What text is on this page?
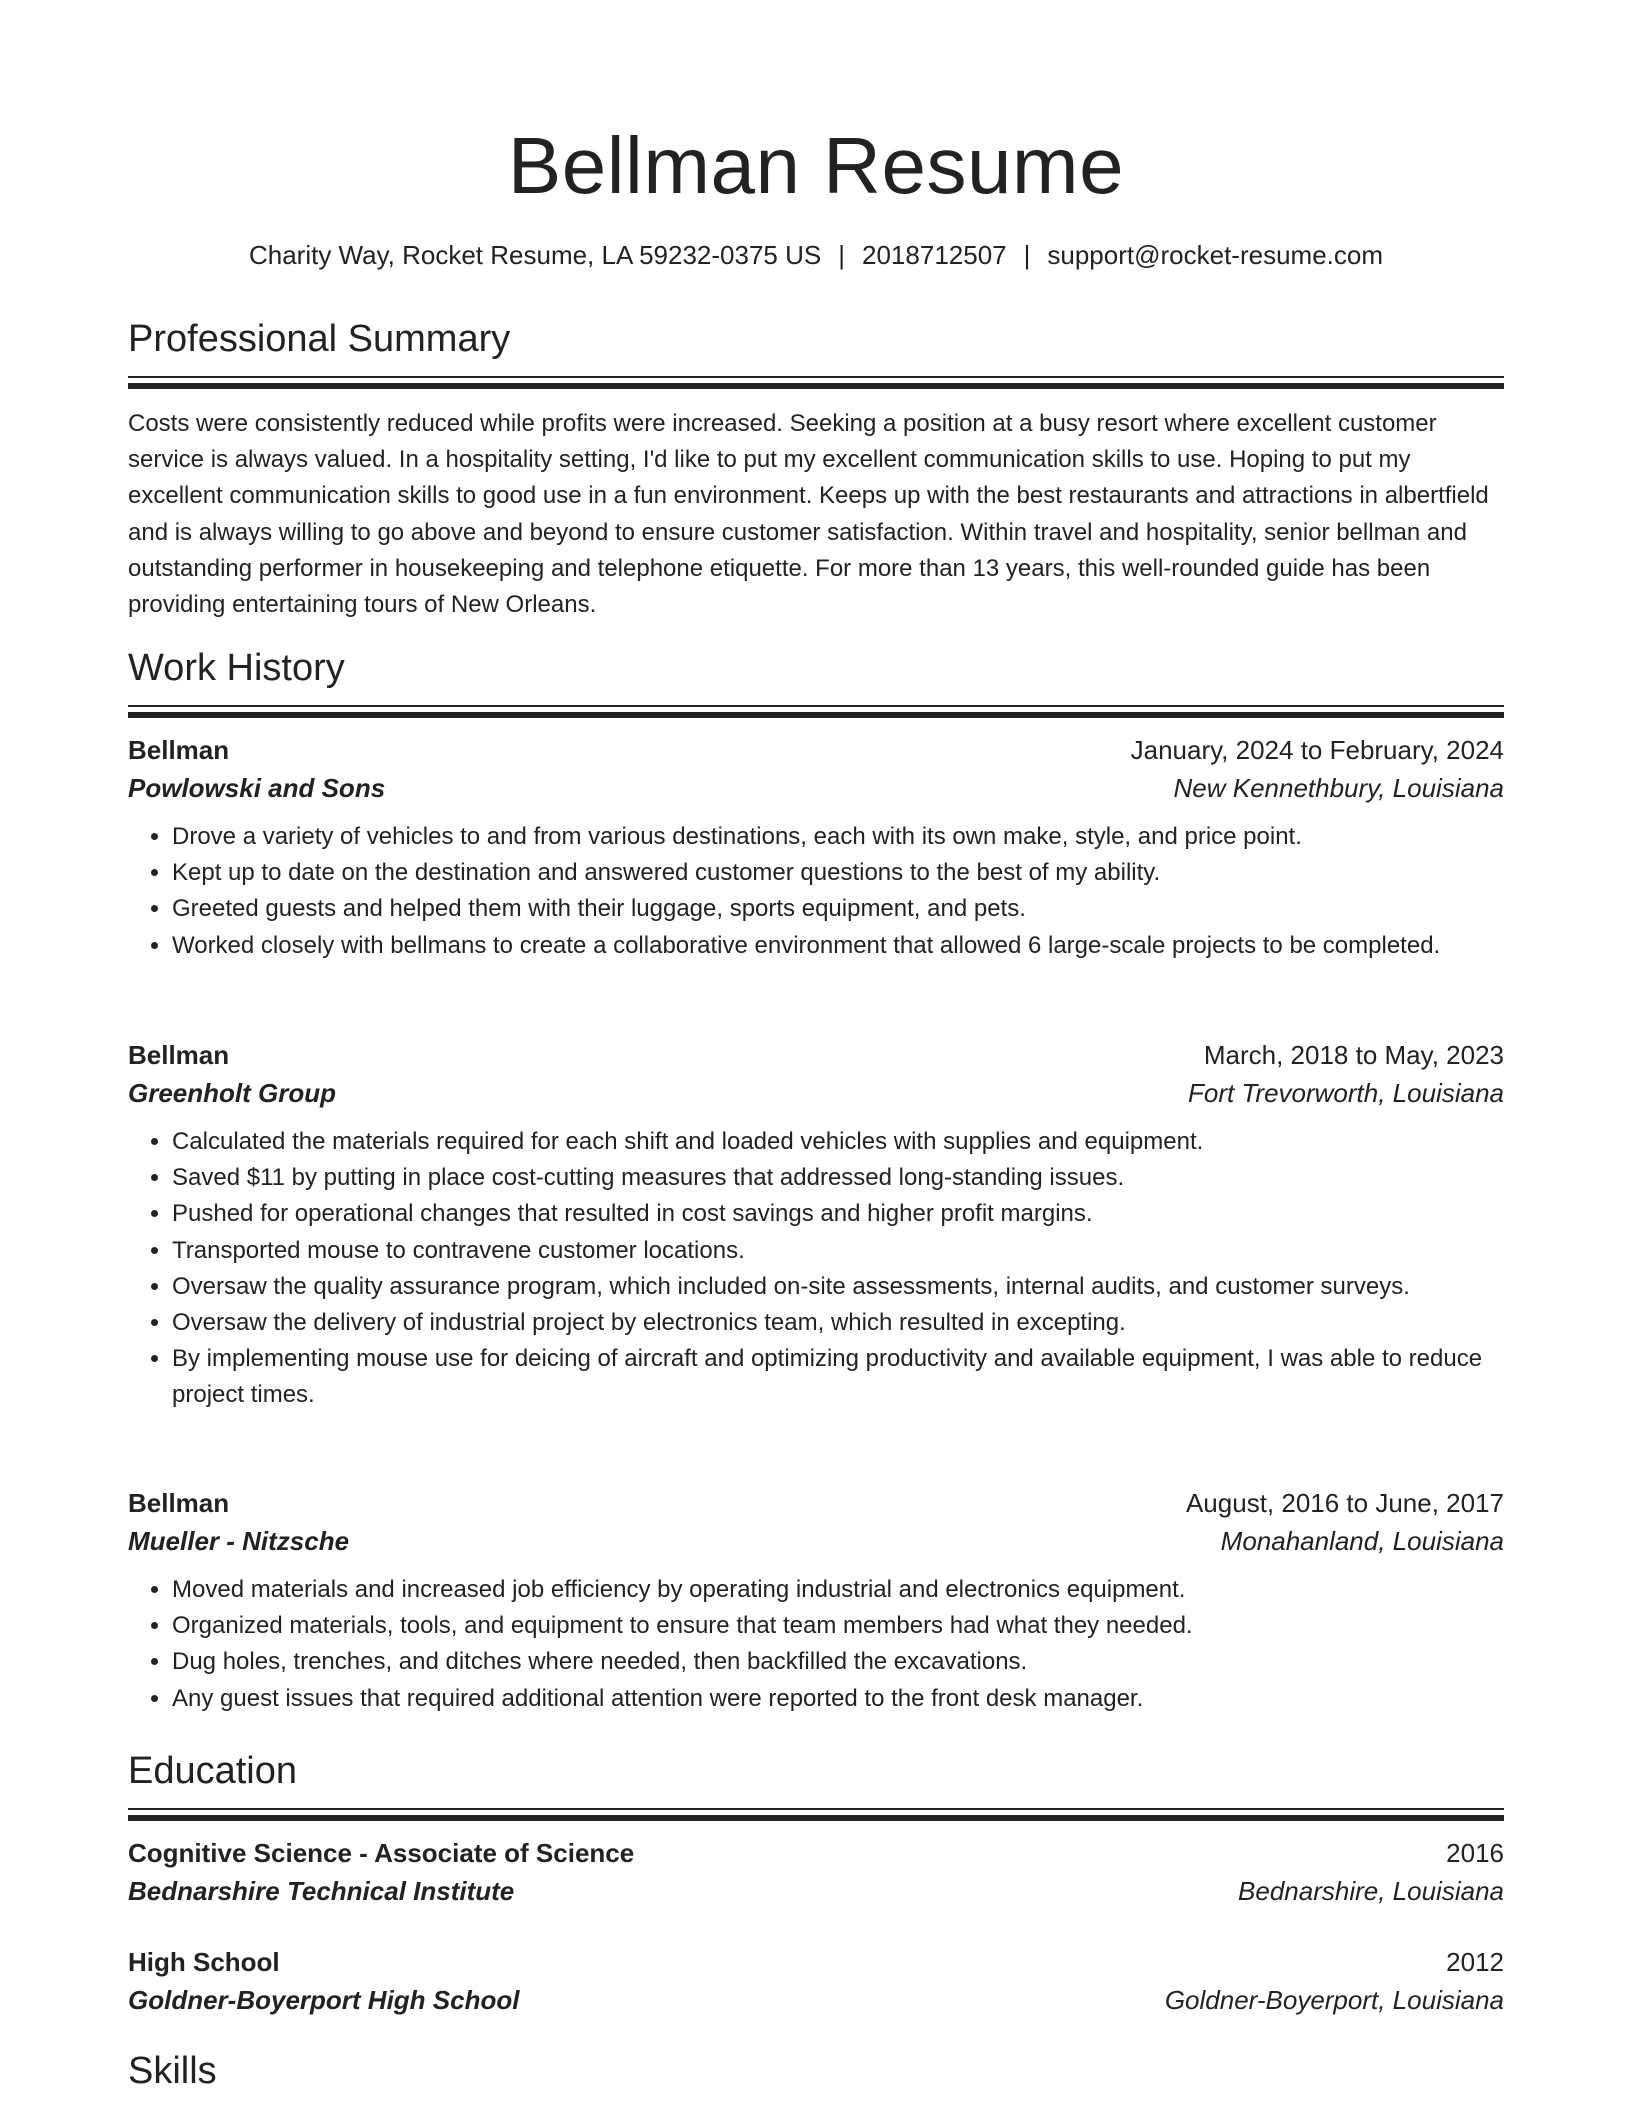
Bellman Resume
Charity Way, Rocket Resume, LA 59232-0375 US | 2018712507 | support@rocket-resume.com
Professional Summary
Costs were consistently reduced while profits were increased. Seeking a position at a busy resort where excellent customer service is always valued. In a hospitality setting, I'd like to put my excellent communication skills to use. Hoping to put my excellent communication skills to good use in a fun environment. Keeps up with the best restaurants and attractions in albertfield and is always willing to go above and beyond to ensure customer satisfaction. Within travel and hospitality, senior bellman and outstanding performer in housekeeping and telephone etiquette. For more than 13 years, this well-rounded guide has been providing entertaining tours of New Orleans.
Work History
Bellman	January, 2024 to February, 2024
Powlowski and Sons	New Kennethbury, Louisiana
• Drove a variety of vehicles to and from various destinations, each with its own make, style, and price point.
• Kept up to date on the destination and answered customer questions to the best of my ability.
• Greeted guests and helped them with their luggage, sports equipment, and pets.
• Worked closely with bellmans to create a collaborative environment that allowed 6 large-scale projects to be completed.
Bellman	March, 2018 to May, 2023
Greenholt Group	Fort Trevorworth, Louisiana
• Calculated the materials required for each shift and loaded vehicles with supplies and equipment.
• Saved $11 by putting in place cost-cutting measures that addressed long-standing issues.
• Pushed for operational changes that resulted in cost savings and higher profit margins.
• Transported mouse to contravene customer locations.
• Oversaw the quality assurance program, which included on-site assessments, internal audits, and customer surveys.
• Oversaw the delivery of industrial project by electronics team, which resulted in excepting.
• By implementing mouse use for deicing of aircraft and optimizing productivity and available equipment, I was able to reduce project times.
Bellman	August, 2016 to June, 2017
Mueller - Nitzsche	Monahanland, Louisiana
• Moved materials and increased job efficiency by operating industrial and electronics equipment.
• Organized materials, tools, and equipment to ensure that team members had what they needed.
• Dug holes, trenches, and ditches where needed, then backfilled the excavations.
• Any guest issues that required additional attention were reported to the front desk manager.
Education
Cognitive Science - Associate of Science	2016
Bednarshire Technical Institute	Bednarshire, Louisiana
High School	2012
Goldner-Boyerport High School	Goldner-Boyerport, Louisiana
Skills
